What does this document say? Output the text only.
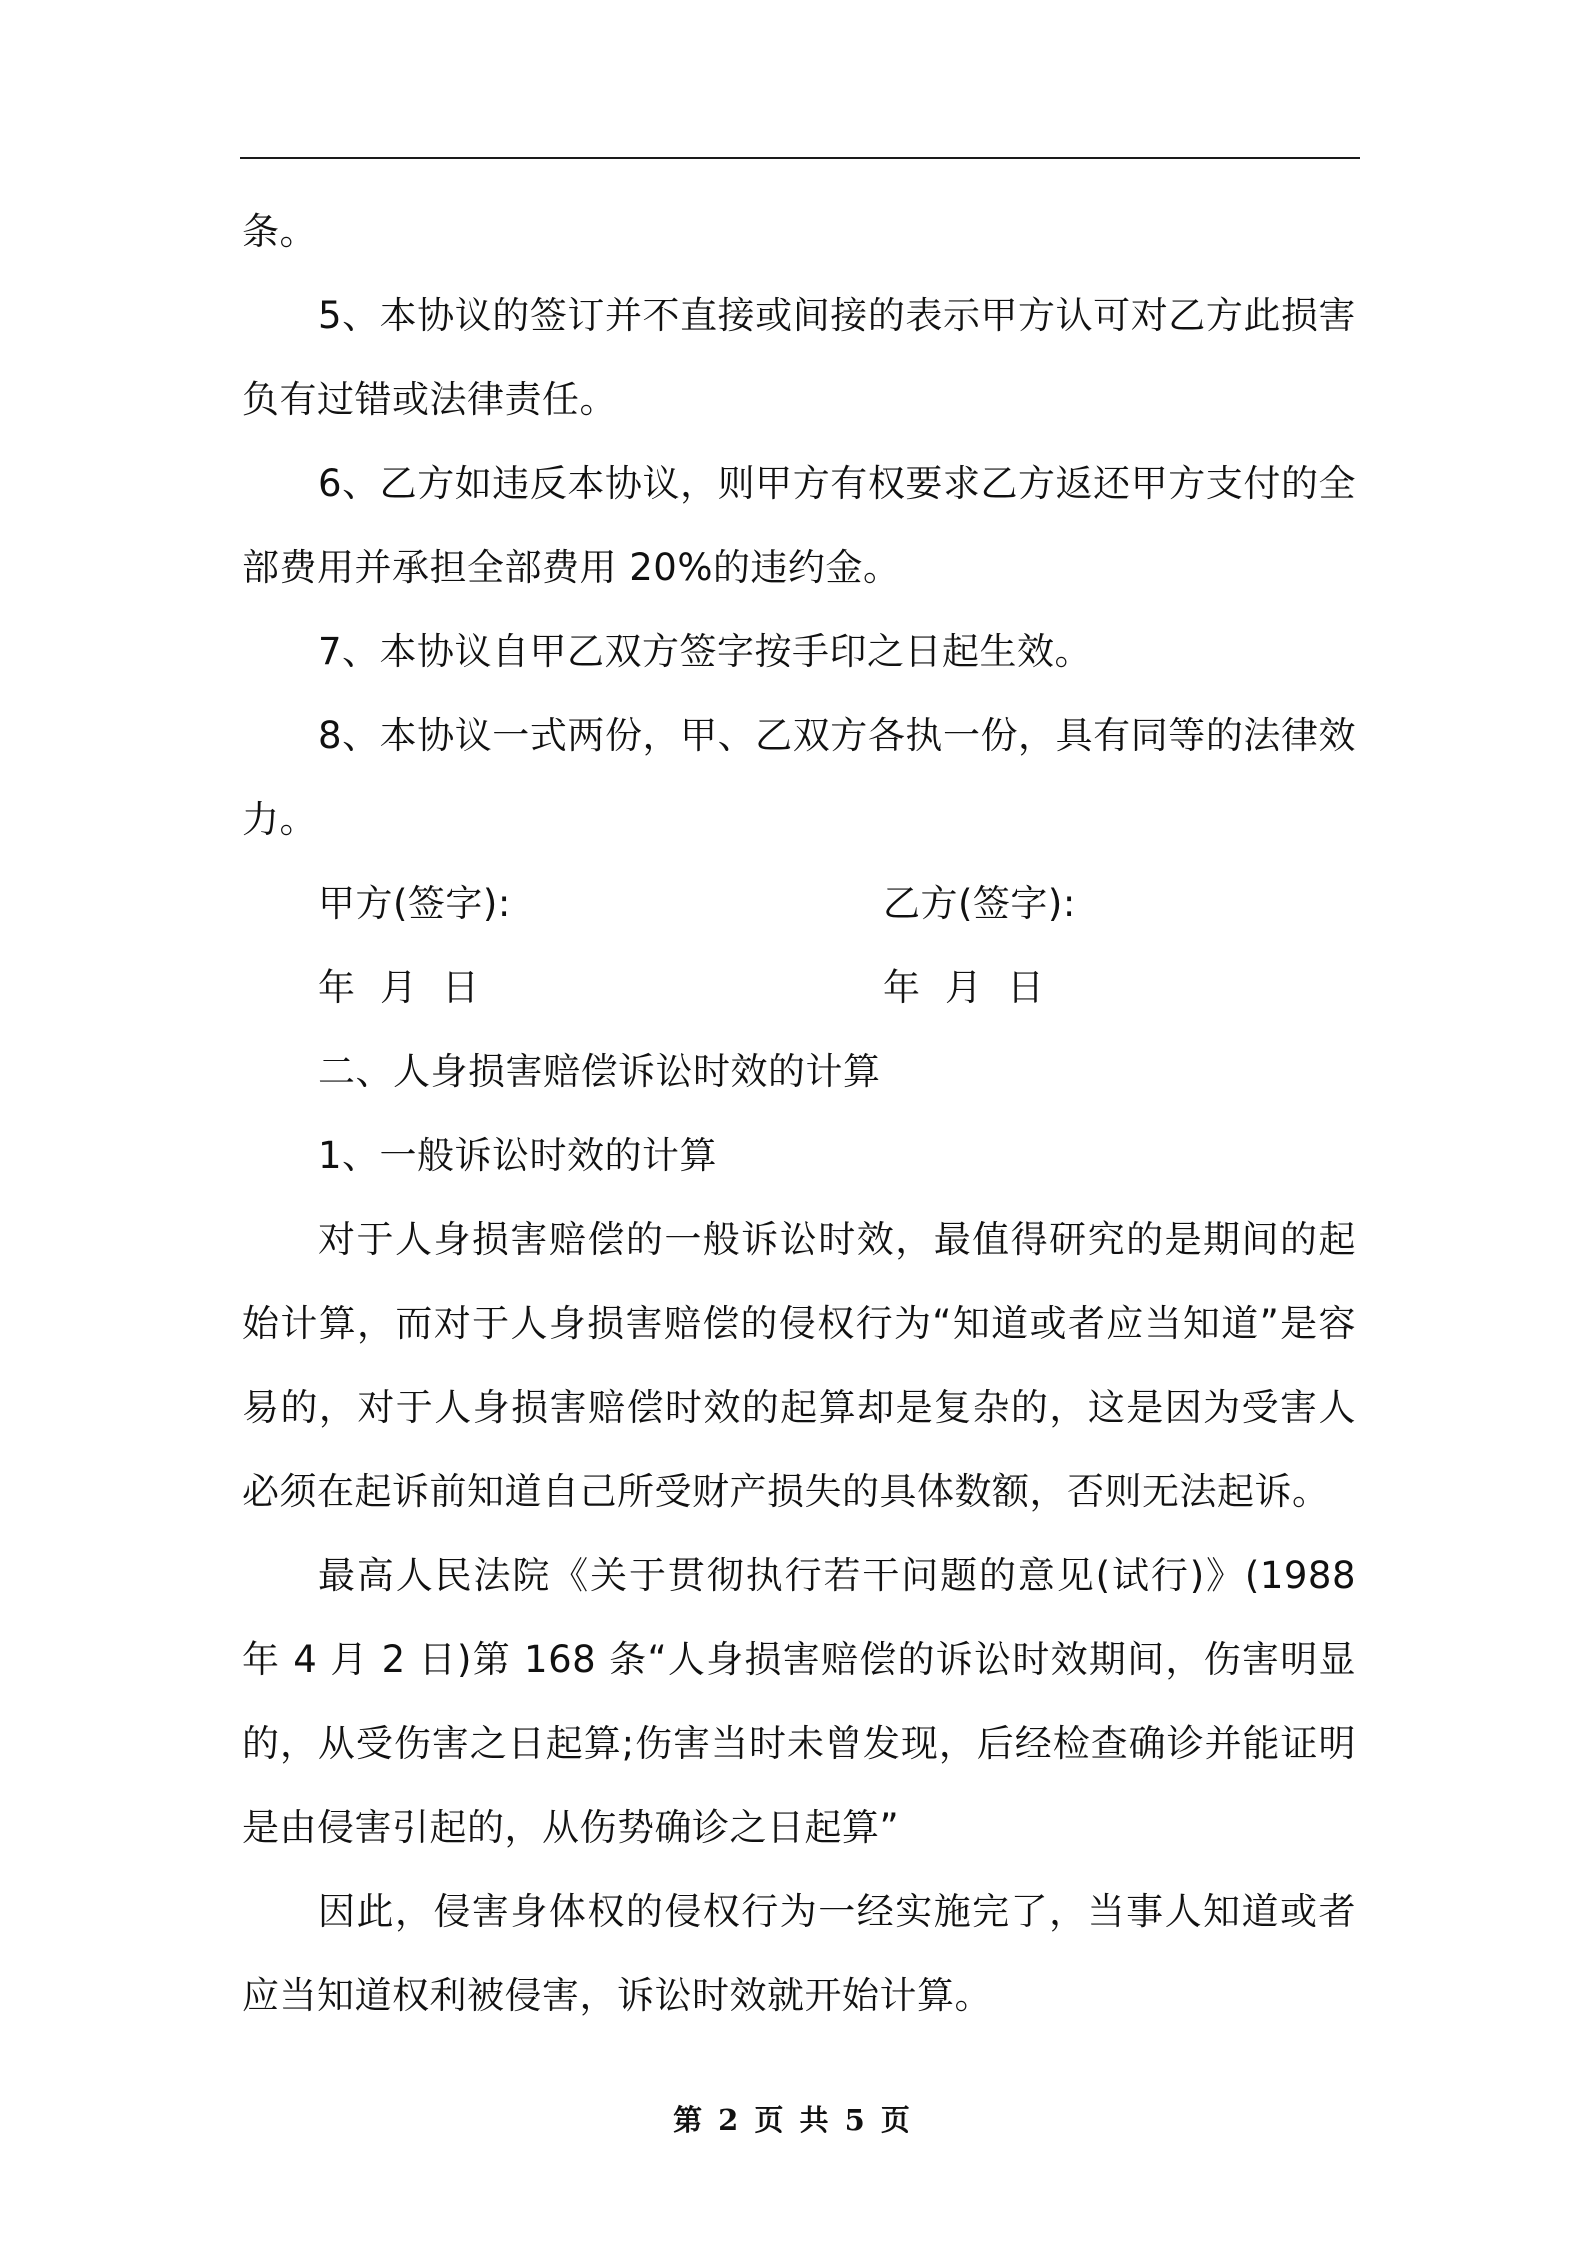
条。

5、本协议的签订并不直接或间接的表示甲方认可对乙方此损害负有过错或法律责任。

6、乙方如违反本协议，则甲方有权要求乙方返还甲方支付的全部费用并承担全部费用 20%的违约金。

7、本协议自甲乙双方签字按手印之日起生效。

8、本协议一式两份，甲、乙双方各执一份，具有同等的法律效力。

甲方(签字):	乙方(签字):
年  月  日	年  月  日

二、人身损害赔偿诉讼时效的计算

1、一般诉讼时效的计算

对于人身损害赔偿的一般诉讼时效，最值得研究的是期间的起始计算，而对于人身损害赔偿的侵权行为“知道或者应当知道”是容易的，对于人身损害赔偿时效的起算却是复杂的，这是因为受害人必须在起诉前知道自己所受财产损失的具体数额，否则无法起诉。

最高人民法院《关于贯彻执行若干问题的意见(试行)》(1988 年 4 月 2 日)第 168 条“人身损害赔偿的诉讼时效期间，伤害明显的，从受伤害之日起算;伤害当时未曾发现，后经检查确诊并能证明是由侵害引起的，从伤势确诊之日起算”

因此，侵害身体权的侵权行为一经实施完了，当事人知道或者应当知道权利被侵害，诉讼时效就开始计算。

第 2 页 共 5 页
